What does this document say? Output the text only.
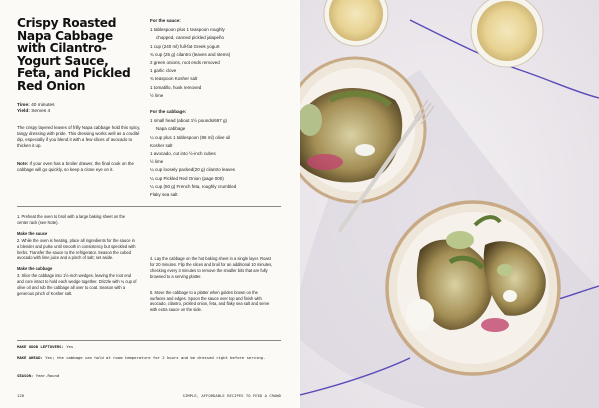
Crispy Roasted Napa Cabbage with Cilantro-Yogurt Sauce, Feta, and Pickled Red Onion
Time: 40 minutes
Yield: Serves 4
The crispy layered leaves of frilly Napa cabbage hold this spicy, tangy dressing with pride. This dressing works well as a crudité dip, especially if you blend it with a few slices of avocado to thicken it up.
Note: If your oven has a broiler drawer, the final cook on the cabbage will go quickly, so keep a close eye on it.
For the sauce:
1 tablespoon plus 1 teaspoon roughly
chopped, canned pickled jalapeño
1 cup (240 ml) full-fat Greek yogurt
¾ cup (25 g) cilantro (leaves and stems)
2 green onions, root ends removed
1 garlic clove
¾ teaspoon Kosher salt
1 tomatillo, husk removed
½ lime
For the cabbage:
1 small head (about 1½ pounds/697 g)
Napa cabbage
¼ cup plus 1 tablespoon (95 ml) olive oil
Kosher salt
1 avocado, cut into ½-inch cubes
½ lime
¼ cup loosely packed(20 g) cilantro leaves
¼ cup Pickled Red Onion (page 000)
¼ cup (50 g) French feta, roughly crumbled
Flaky sea salt
1. Preheat the oven to broil with a large baking sheet on the center rack (see Note).
Make the sauce
2. While the oven is heating, place all ingredients for the sauce in a blender and pulse until smooth in consistency but speckled with herbs. Transfer the sauce to the refrigerator. Season the cubed avocado with lime juice and a pinch of salt; set aside.
Make the cabbage
3. Slice the cabbage into 1½-inch wedges, leaving the root end and core intact to hold each wedge together. Drizzle with ¼ cup of olive oil and rub the cabbage all over to coat. Season with a generous pinch of Kosher salt.
4. Lay the cabbage on the hot baking sheet in a single layer. Roast for 20 minutes. Flip the slices and broil for an additional 10 minutes, checking every 3 minutes to remove the smaller bits that are fully browned to a serving platter.
5. Move the cabbage to a platter when golden brown on the surfaces and edges. Spoon the sauce over top and finish with avocado, cilantro, pickled onion, feta, and flaky sea salt and serve with extra sauce on the side.
MAKE GOOD LEFTOVERS: Yes
MAKE AHEAD: Yes; the cabbage can hold at room temperature for 2 hours and be dressed right before serving.
SEASON: Year-Round
128	SIMPLE, AFFORDABLE RECIPES TO FEED A CROWD
